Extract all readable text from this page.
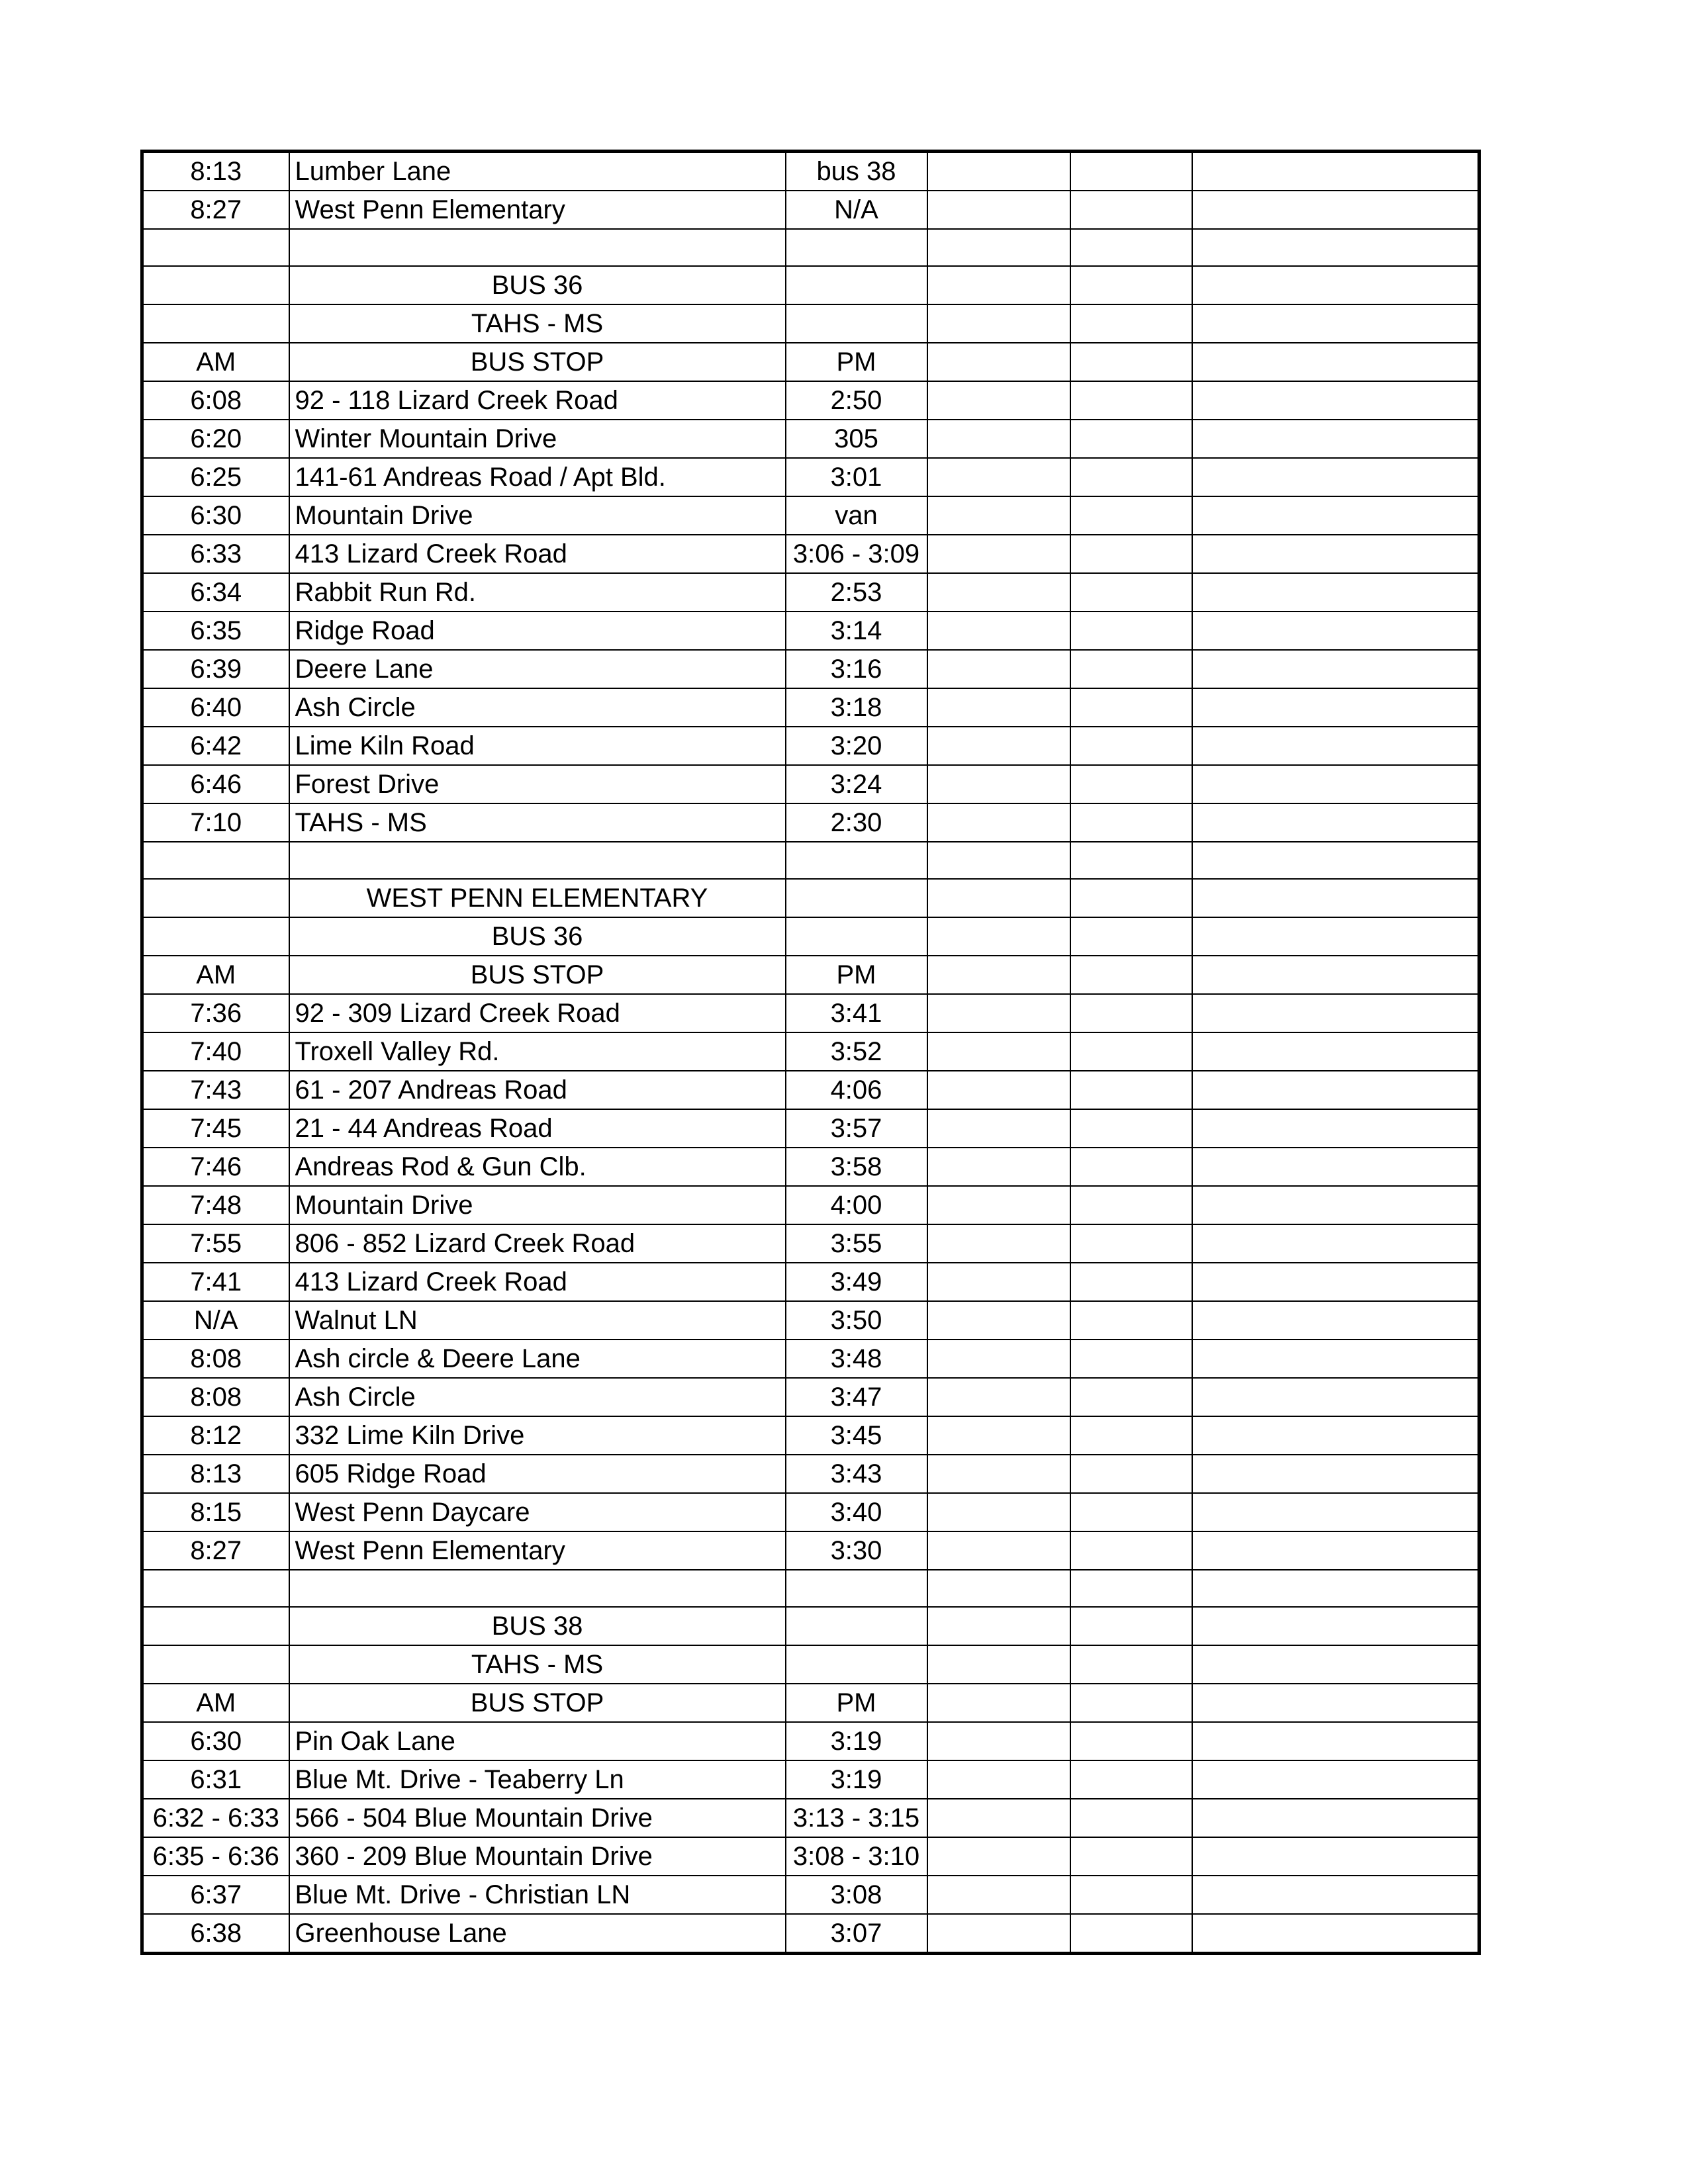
8:13	Lumber Lane	bus 38			
8:27	West Penn Elementary	N/A			

	BUS 36				
	TAHS - MS				
AM	BUS STOP	PM			
6:08	92 - 118 Lizard Creek Road	2:50			
6:20	Winter Mountain Drive	305			
6:25	141-61 Andreas Road / Apt Bld.	3:01			
6:30	Mountain Drive	van			
6:33	413 Lizard Creek Road	3:06 - 3:09			
6:34	Rabbit Run Rd.	2:53			
6:35	Ridge Road	3:14			
6:39	Deere Lane	3:16			
6:40	Ash Circle	3:18			
6:42	Lime Kiln Road	3:20			
6:46	Forest Drive	3:24			
7:10	TAHS - MS	2:30			

	WEST PENN ELEMENTARY				
	BUS 36				
AM	BUS STOP	PM			
7:36	92 - 309 Lizard Creek Road	3:41			
7:40	Troxell Valley Rd.	3:52			
7:43	61 - 207 Andreas Road	4:06			
7:45	21 - 44 Andreas Road	3:57			
7:46	Andreas Rod & Gun Clb.	3:58			
7:48	Mountain Drive	4:00			
7:55	806 - 852 Lizard Creek Road	3:55			
7:41	413 Lizard Creek Road	3:49			
N/A	Walnut LN	3:50			
8:08	Ash circle & Deere Lane	3:48			
8:08	Ash Circle	3:47			
8:12	332 Lime Kiln Drive	3:45			
8:13	605 Ridge Road	3:43			
8:15	West Penn Daycare	3:40			
8:27	West Penn Elementary	3:30			

	BUS 38				
	TAHS - MS				
AM	BUS STOP	PM			
6:30	Pin Oak Lane	3:19			
6:31	Blue Mt. Drive - Teaberry Ln	3:19			
6:32 - 6:33	566 - 504 Blue Mountain Drive	3:13 - 3:15			
6:35 - 6:36	360 - 209 Blue Mountain Drive	3:08 - 3:10			
6:37	Blue Mt. Drive - Christian LN	3:08			
6:38	Greenhouse Lane	3:07			
